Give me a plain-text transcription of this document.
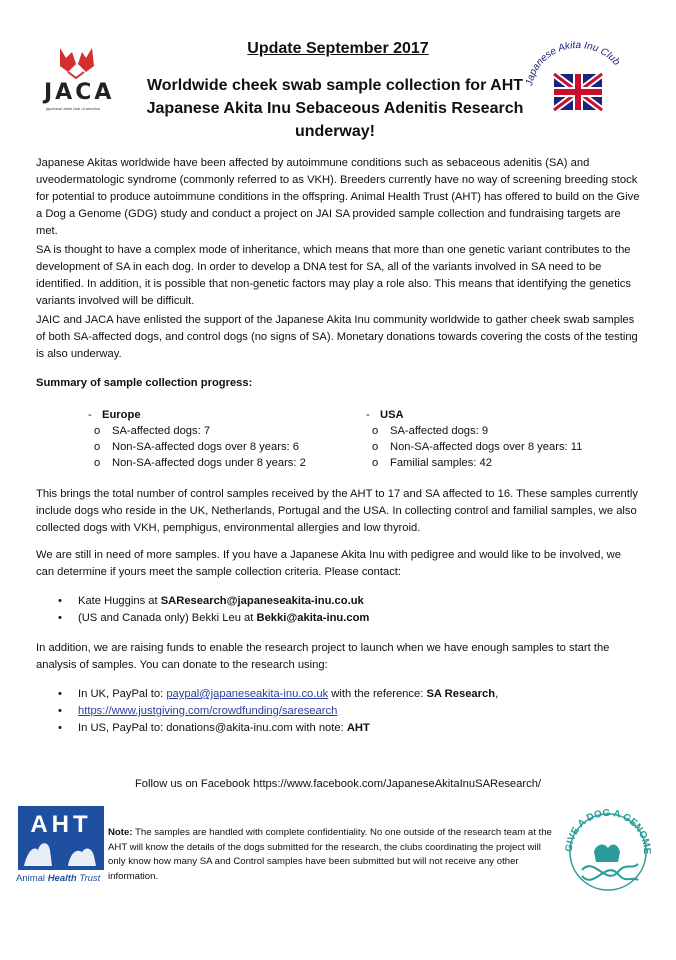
JACA
japanese akita club of america
Japanese Akita Inu Club
Update September 2017
Worldwide cheek swab sample collection for AHT Japanese Akita Inu Sebaceous Adenitis Research underway!
Japanese Akitas worldwide have been affected by autoimmune conditions such as sebaceous adenitis (SA) and uveodermatologic syndrome (commonly referred to as VKH). Breeders currently have no way of screening breeding stock for potential to produce autoimmune conditions in the offspring. Animal Health Trust (AHT) has offered to build on the Give a Dog a Genome (GDG) study and conduct a project on JAI SA provided sample collection and fundraising targets are met.
SA is thought to have a complex mode of inheritance, which means that more than one genetic variant contributes to the development of SA in each dog. In order to develop a DNA test for SA, all of the variants involved in SA need to be identified. In addition, it is possible that non-genetic factors may play a role also. This means that identifying the genetics variants involved will be difficult.
JAIC and JACA have enlisted the support of the Japanese Akita Inu community worldwide to gather cheek swab samples of both SA-affected dogs, and control dogs (no signs of SA). Monetary donations towards covering the costs of the testing is also underway.
Summary of sample collection progress:
- Europe
o SA-affected dogs: 7
o Non-SA-affected dogs over 8 years: 6
o Non-SA-affected dogs under 8 years: 2
- USA
o SA-affected dogs: 9
o Non-SA-affected dogs over 8 years: 11
o Familial samples: 42
This brings the total number of control samples received by the AHT to 17 and SA affected to 16. These samples currently include dogs who reside in the UK, Netherlands, Portugal and the USA. In collecting control and familial samples, we also collected dogs with VKH, pemphigus, environmental allergies and low thyroid.
We are still in need of more samples. If you have a Japanese Akita Inu with pedigree and would like to be involved, we can determine if yours meet the sample collection criteria. Please contact:
• Kate Huggins at SAResearch@japaneseakita-inu.co.uk
• (US and Canada only) Bekki Leu at Bekki@akita-inu.com
In addition, we are raising funds to enable the research project to launch when we have enough samples to start the analysis of samples. You can donate to the research using:
• In UK, PayPal to: paypal@japaneseakita-inu.co.uk with the reference: SA Research,
• https://www.justgiving.com/crowdfunding/saresearch
• In US, PayPal to: donations@akita-inu.com with note: AHT
Follow us on Facebook https://www.facebook.com/JapaneseAkitaInuSAResearch/
AHT
Animal Health Trust
Note: The samples are handled with complete confidentiality. No one outside of the research team at the AHT will know the details of the dogs submitted for the research, the clubs coordinating the project will only know how many SA and Control samples have been submitted but will not receive any other information.
GIVE A DOG A GENOME
